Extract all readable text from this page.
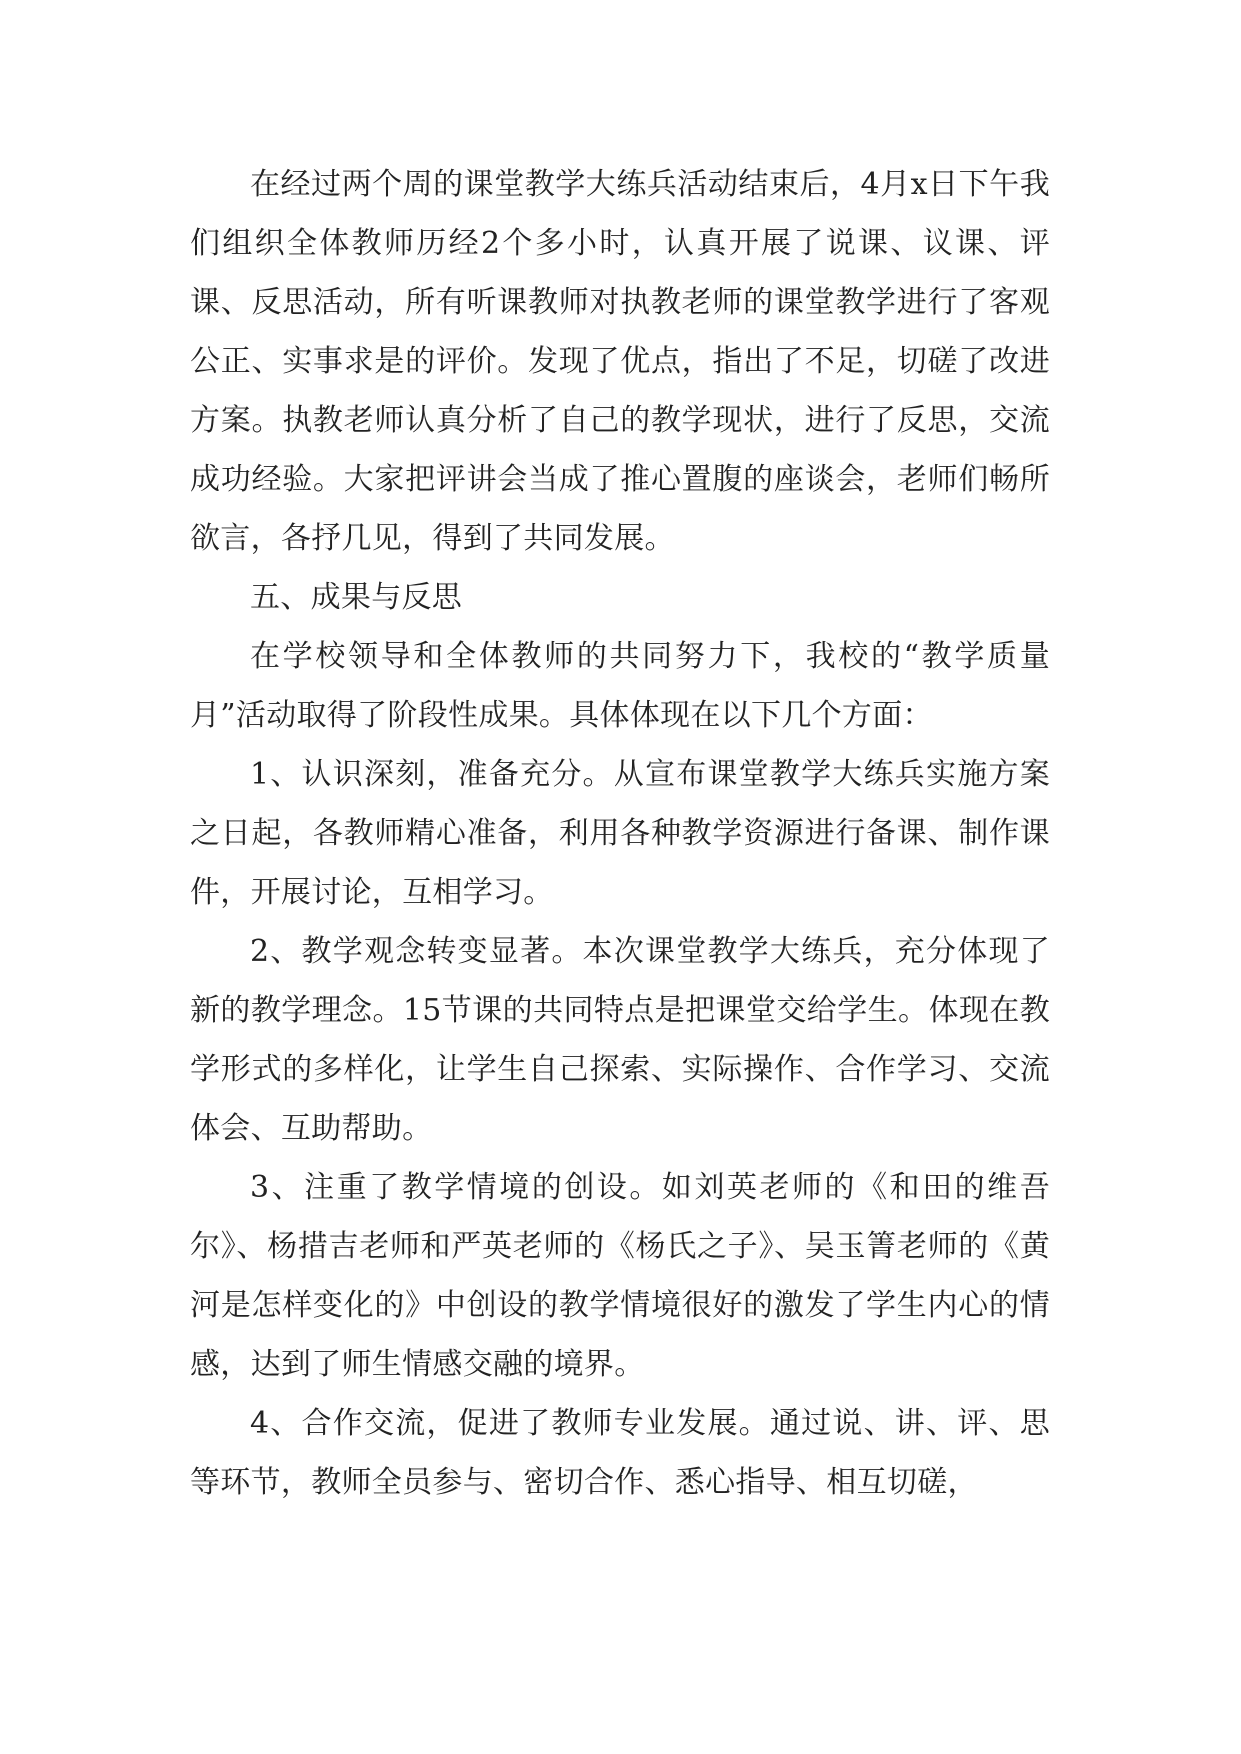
在经过两个周的课堂教学大练兵活动结束后，4月x日下午我们组织全体教师历经2个多小时，认真开展了说课、议课、评课、反思活动，所有听课教师对执教老师的课堂教学进行了客观公正、实事求是的评价。发现了优点，指出了不足，切磋了改进方案。执教老师认真分析了自己的教学现状，进行了反思，交流成功经验。大家把评讲会当成了推心置腹的座谈会，老师们畅所欲言，各抒几见，得到了共同发展。

五、成果与反思

在学校领导和全体教师的共同努力下，我校的“教学质量月”活动取得了阶段性成果。具体体现在以下几个方面：

1、认识深刻，准备充分。从宣布课堂教学大练兵实施方案之日起，各教师精心准备，利用各种教学资源进行备课、制作课件，开展讨论，互相学习。

2、教学观念转变显著。本次课堂教学大练兵，充分体现了新的教学理念。15节课的共同特点是把课堂交给学生。体现在教学形式的多样化，让学生自己探索、实际操作、合作学习、交流体会、互助帮助。

3、注重了教学情境的创设。如刘英老师的《和田的维吾尔》、杨措吉老师和严英老师的《杨氏之子》、吴玉箐老师的《黄河是怎样变化的》中创设的教学情境很好的激发了学生内心的情感，达到了师生情感交融的境界。

4、合作交流，促进了教师专业发展。通过说、讲、评、思等环节，教师全员参与、密切合作、悉心指导、相互切磋，
